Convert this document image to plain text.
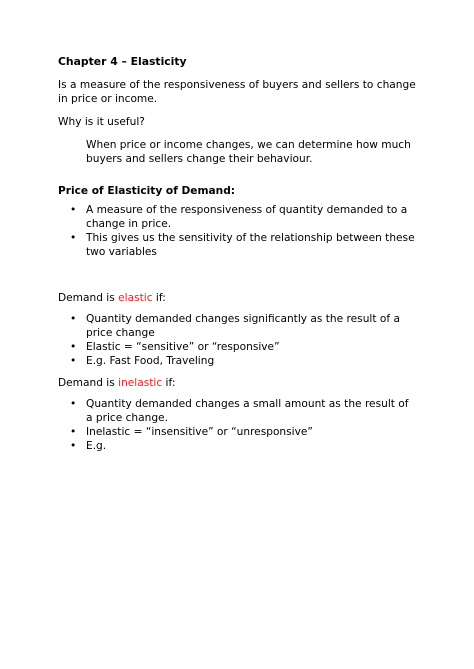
Chapter 4 – Elasticity

Is a measure of the responsiveness of buyers and sellers to change in price or income.

Why is it useful?

When price or income changes, we can determine how much buyers and sellers change their behaviour.

Price of Elasticity of Demand:

• A measure of the responsiveness of quantity demanded to a change in price.
• This gives us the sensitivity of the relationship between these two variables

Demand is elastic if:

• Quantity demanded changes significantly as the result of a price change
• Elastic = “sensitive” or “responsive”
• E.g. Fast Food, Traveling

Demand is inelastic if:

• Quantity demanded changes a small amount as the result of a price change.
• Inelastic = “insensitive” or “unresponsive”
• E.g.
